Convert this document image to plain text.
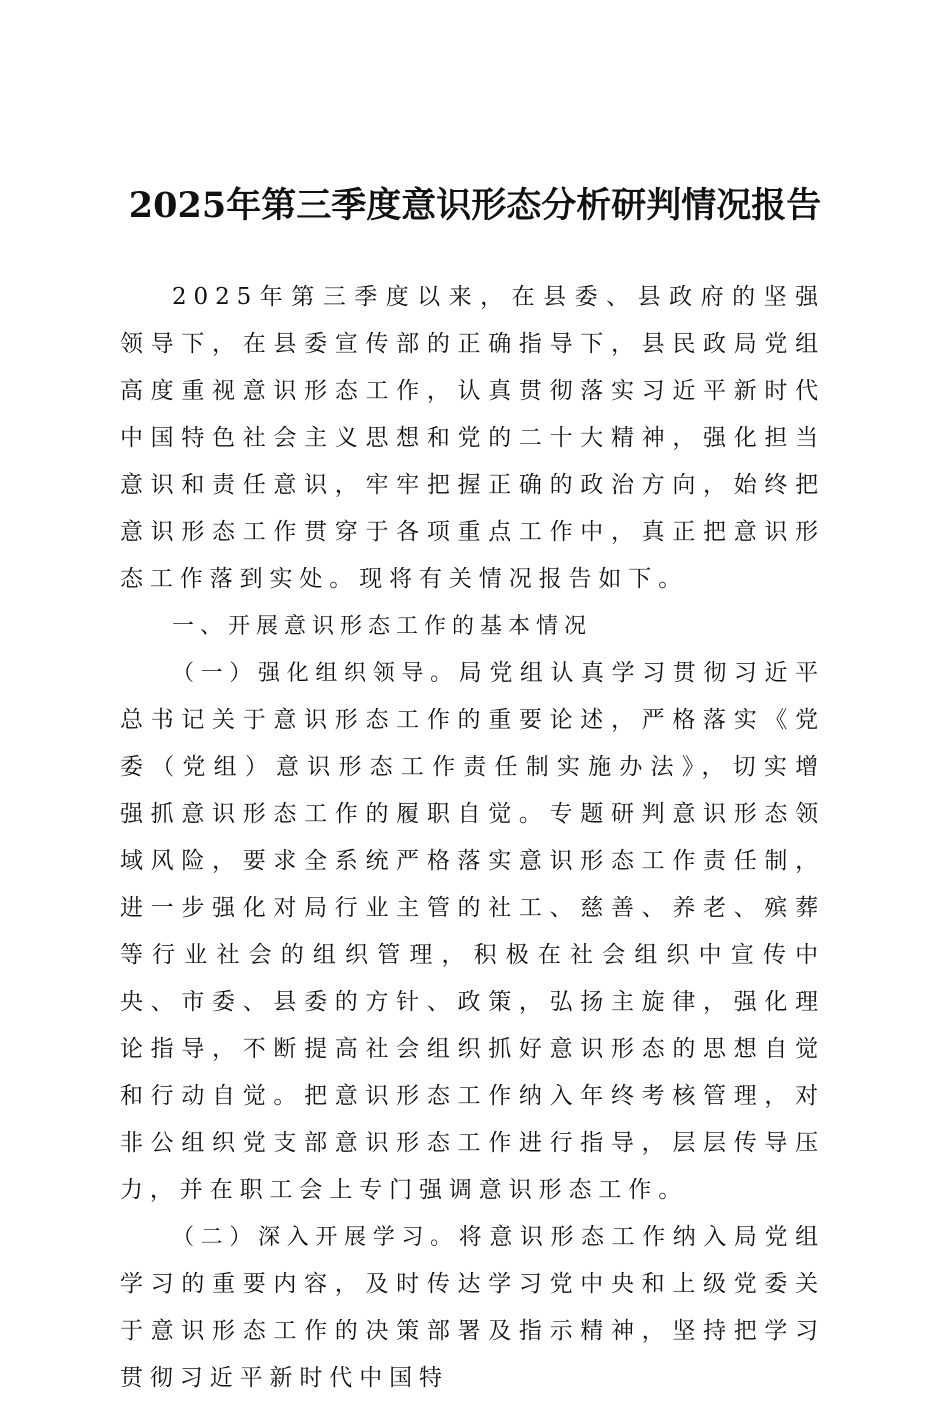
2025年第三季度意识形态分析研判情况报告

2025年第三季度以来，在县委、县政府的坚强领导下，在县委宣传部的正确指导下，县民政局党组高度重视意识形态工作，认真贯彻落实习近平新时代中国特色社会主义思想和党的二十大精神，强化担当意识和责任意识，牢牢把握正确的政治方向，始终把意识形态工作贯穿于各项重点工作中，真正把意识形态工作落到实处。现将有关情况报告如下。

一、开展意识形态工作的基本情况

（一）强化组织领导。局党组认真学习贯彻习近平总书记关于意识形态工作的重要论述，严格落实《党委（党组）意识形态工作责任制实施办法》，切实增强抓意识形态工作的履职自觉。专题研判意识形态领域风险，要求全系统严格落实意识形态工作责任制，进一步强化对局行业主管的社工、慈善、养老、殡葬等行业社会的组织管理，积极在社会组织中宣传中央、市委、县委的方针、政策，弘扬主旋律，强化理论指导，不断提高社会组织抓好意识形态的思想自觉和行动自觉。把意识形态工作纳入年终考核管理，对非公组织党支部意识形态工作进行指导，层层传导压力，并在职工会上专门强调意识形态工作。

（二）深入开展学习。将意识形态工作纳入局党组学习的重要内容，及时传达学习党中央和上级党委关于意识形态工作的决策部署及指示精神，坚持把学习贯彻习近平新时代中国特
